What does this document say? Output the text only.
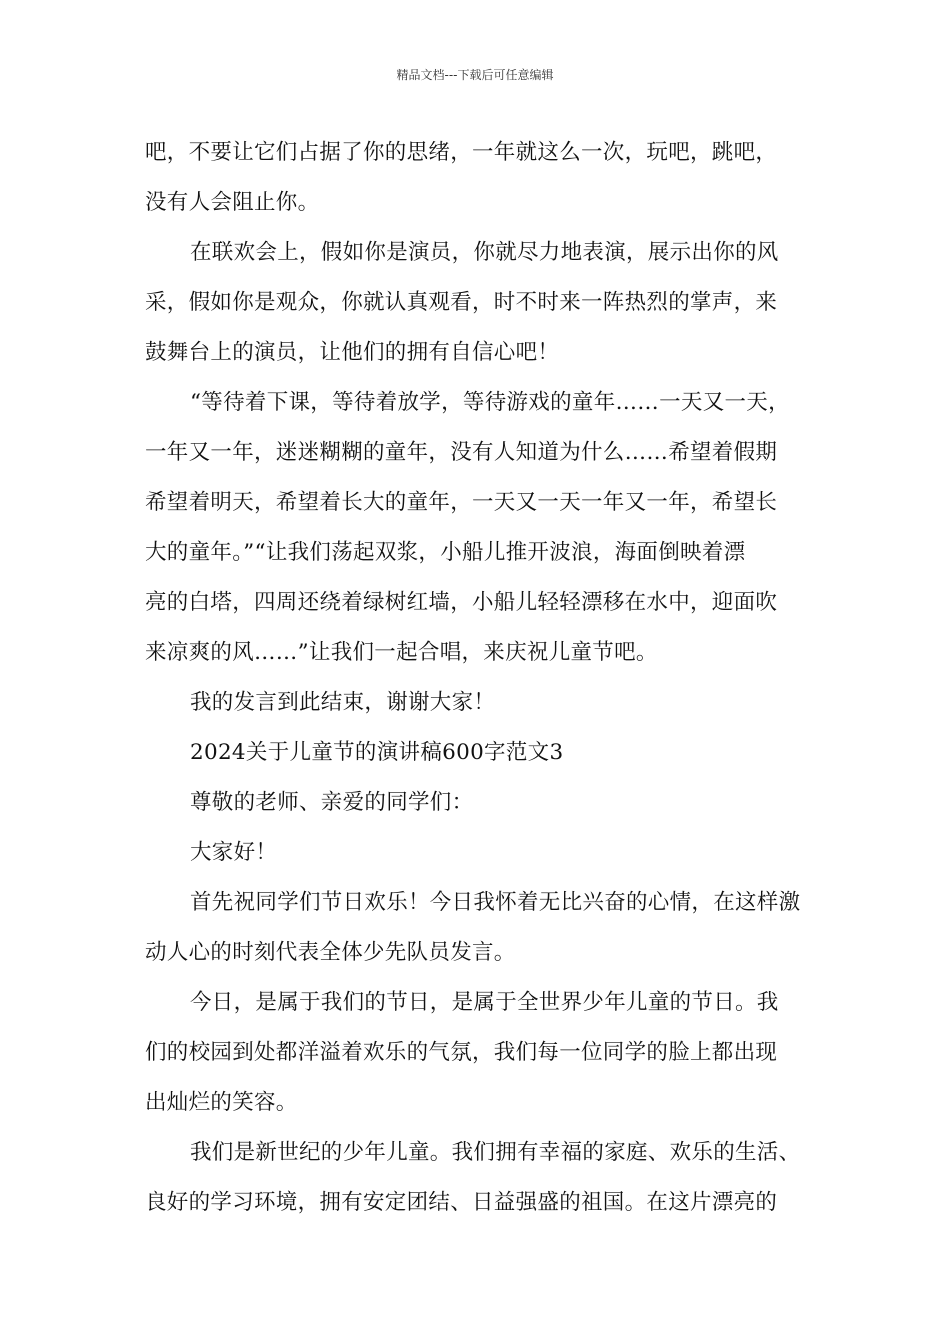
精品文档---下载后可任意编辑
吧，不要让它们占据了你的思绪，一年就这么一次，玩吧，跳吧，
没有人会阻止你。
在联欢会上，假如你是演员，你就尽力地表演，展示出你的风
采，假如你是观众，你就认真观看，时不时来一阵热烈的掌声，来
鼓舞台上的演员，让他们的拥有自信心吧！
“等待着下课，等待着放学，等待游戏的童年……一天又一天，
一年又一年，迷迷糊糊的童年，没有人知道为什么……希望着假期
希望着明天，希望着长大的童年，一天又一天一年又一年，希望长
大的童年。”“让我们荡起双浆，小船儿推开波浪，海面倒映着漂
亮的白塔，四周还绕着绿树红墙，小船儿轻轻漂移在水中，迎面吹
来凉爽的风……”让我们一起合唱，来庆祝儿童节吧。
我的发言到此结束，谢谢大家！
2024关于儿童节的演讲稿600字范文3
尊敬的老师、亲爱的同学们：
大家好！
首先祝同学们节日欢乐！今日我怀着无比兴奋的心情，在这样激
动人心的时刻代表全体少先队员发言。
今日，是属于我们的节日，是属于全世界少年儿童的节日。我
们的校园到处都洋溢着欢乐的气氛，我们每一位同学的脸上都出现
出灿烂的笑容。
我们是新世纪的少年儿童。我们拥有幸福的家庭、欢乐的生活、
良好的学习环境，拥有安定团结、日益强盛的祖国。在这片漂亮的
